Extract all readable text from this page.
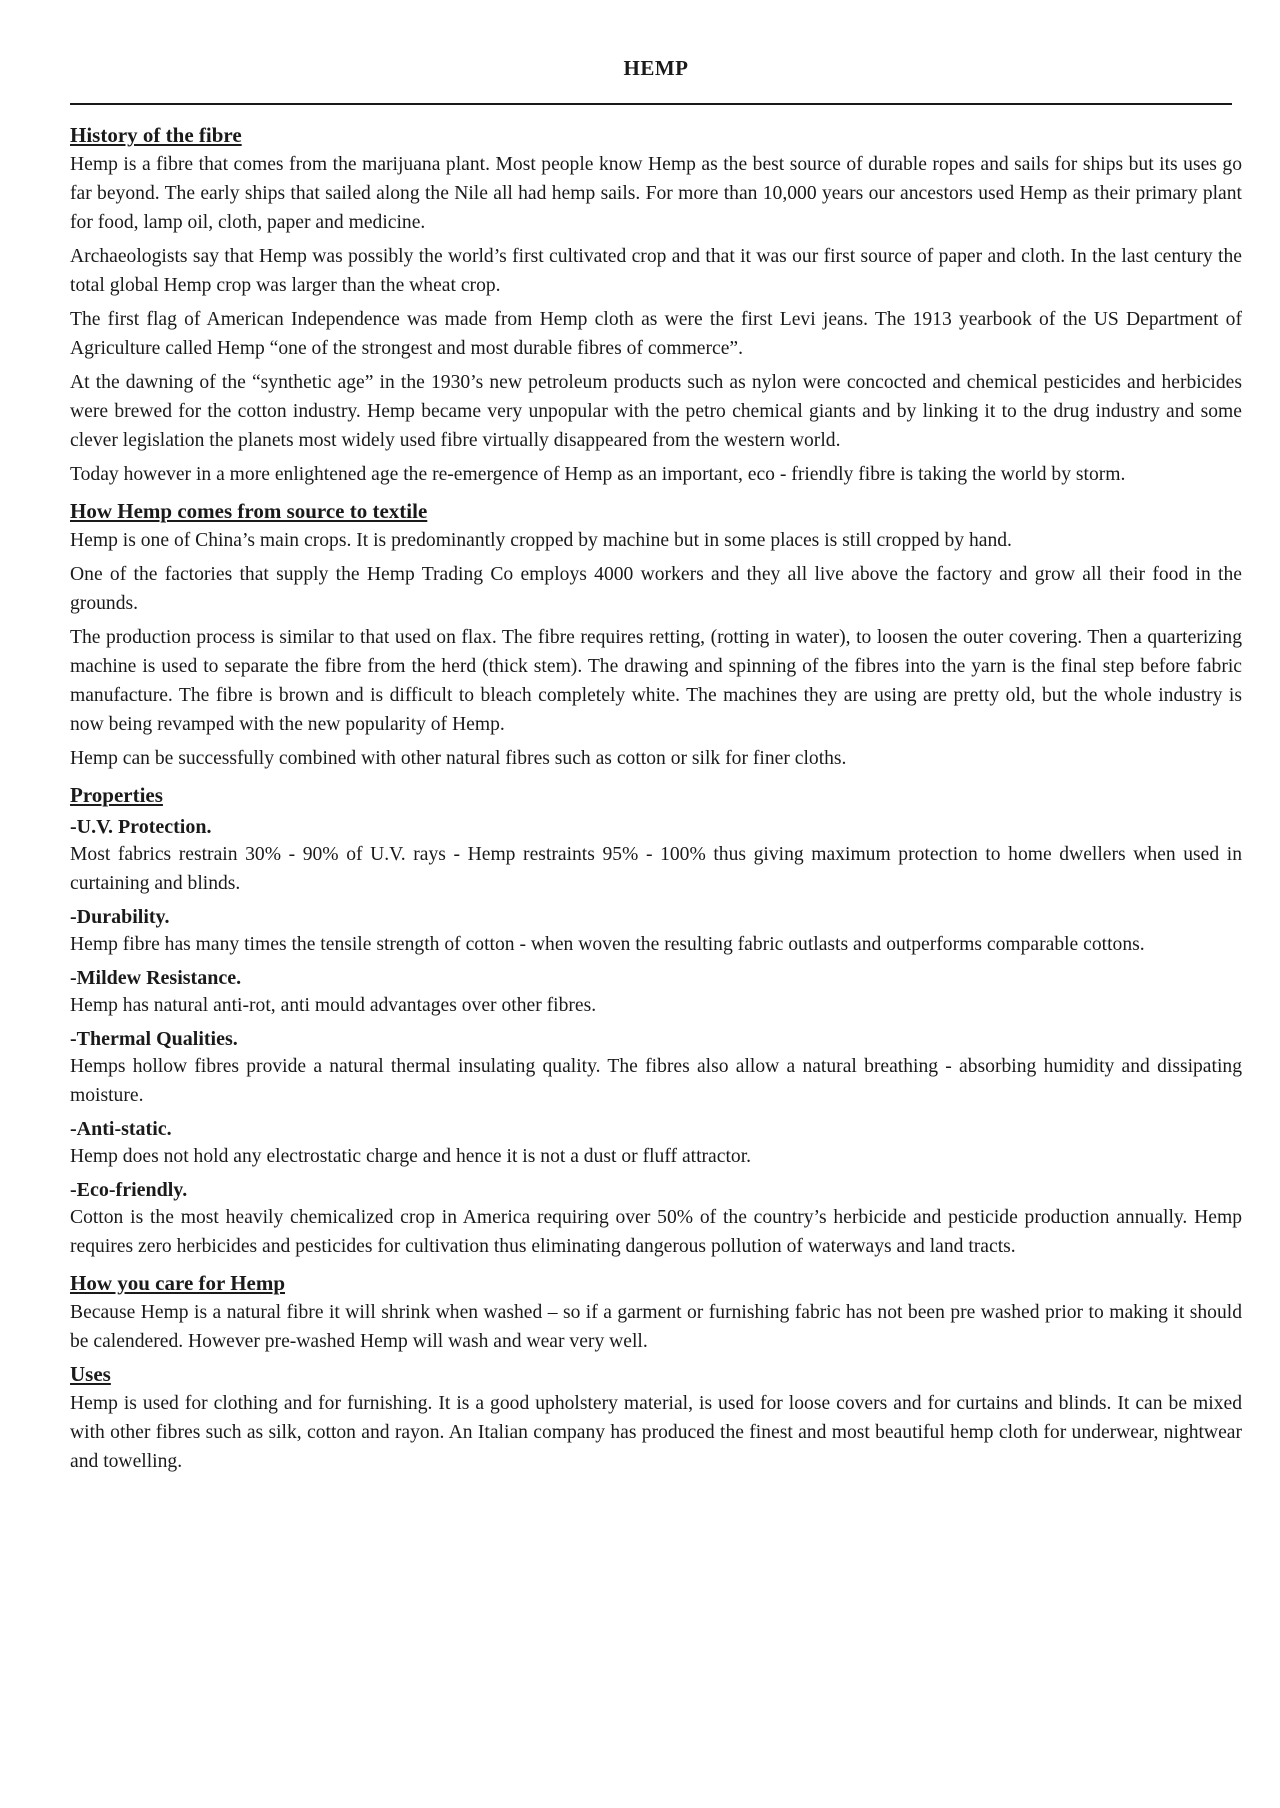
HEMP
History of the fibre

Hemp is a fibre that comes from the marijuana plant. Most people know Hemp as the best source of durable ropes and sails for ships but its uses go far beyond. The early ships that sailed along the Nile all had hemp sails. For more than 10,000 years our ancestors used Hemp as their primary plant for food, lamp oil, cloth, paper and medicine.

Archaeologists say that Hemp was possibly the world’s first cultivated crop and that it was our first source of paper and cloth. In the last century the total global Hemp crop was larger than the wheat crop.

The first flag of American Independence was made from Hemp cloth as were the first Levi jeans. The 1913 yearbook of the US Department of Agriculture called Hemp “one of the strongest and most durable fibres of commerce”.

At the dawning of the “synthetic age” in the 1930’s new petroleum products such as nylon were concocted and chemical pesticides and herbicides were brewed for the cotton industry. Hemp became very unpopular with the petro chemical giants and by linking it to the drug industry and some clever legislation the planets most widely used fibre virtually disappeared from the western world.

Today however in a more enlightened age the re-emergence of Hemp as an important, eco - friendly fibre is taking the world by storm.

How Hemp comes from source to textile

Hemp is one of China’s main crops. It is predominantly cropped by machine but in some places is still cropped by hand.

One of the factories that supply the Hemp Trading Co employs 4000 workers and they all live above the factory and grow all their food in the grounds.

The production process is similar to that used on flax. The fibre requires retting, (rotting in water), to loosen the outer covering. Then a quarterizing machine is used to separate the fibre from the herd (thick stem). The drawing and spinning of the fibres into the yarn is the final step before fabric manufacture. The fibre is brown and is difficult to bleach completely white. The machines they are using are pretty old, but the whole industry is now being revamped with the new popularity of Hemp.

Hemp can be successfully combined with other natural fibres such as cotton or silk for finer cloths.

Properties
-U.V. Protection.

Most fabrics restrain 30% - 90% of U.V. rays - Hemp restraints 95% - 100% thus giving maximum protection to home dwellers when used in curtaining and blinds.

-Durability.

Hemp fibre has many times the tensile strength of cotton - when woven the resulting fabric outlasts and outperforms comparable cottons.

-Mildew Resistance.

Hemp has natural anti-rot, anti mould advantages over other fibres.

-Thermal Qualities.

Hemps hollow fibres provide a natural thermal insulating quality. The fibres also allow a natural breathing - absorbing humidity and dissipating moisture.

-Anti-static.

Hemp does not hold any electrostatic charge and hence it is not a dust or fluff attractor.

-Eco-friendly.

Cotton is the most heavily chemicalized crop in America requiring over 50% of the country’s herbicide and pesticide production annually. Hemp requires zero herbicides and pesticides for cultivation thus eliminating dangerous pollution of waterways and land tracts.

How you care for Hemp

Because Hemp is a natural fibre it will shrink when washed – so if a garment or furnishing fabric has not been pre washed prior to making it should be calendered. However pre-washed Hemp will wash and wear very well.

Uses

Hemp is used for clothing and for furnishing. It is a good upholstery material, is used for loose covers and for curtains and blinds. It can be mixed with other fibres such as silk, cotton and rayon. An Italian company has produced the finest and most beautiful hemp cloth for underwear, nightwear and towelling.
